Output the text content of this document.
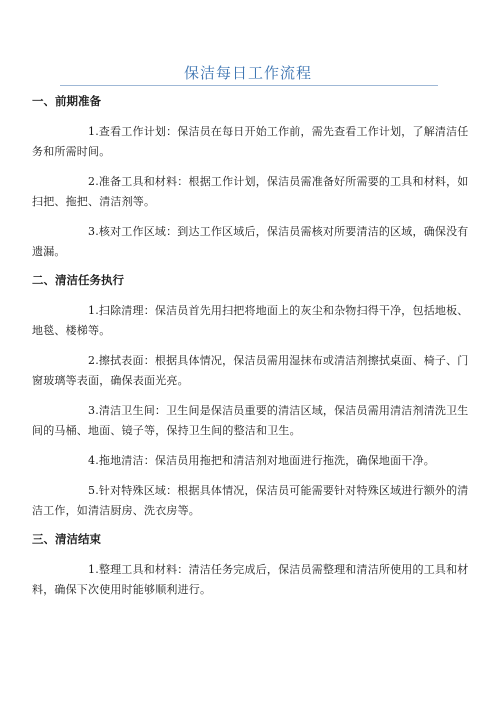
保洁每日工作流程

一、前期准备

1.查看工作计划：保洁员在每日开始工作前，需先查看工作计划，了解清洁任务和所需时间。

2.准备工具和材料：根据工作计划，保洁员需准备好所需要的工具和材料，如扫把、拖把、清洁剂等。

3.核对工作区域：到达工作区域后，保洁员需核对所要清洁的区域，确保没有遗漏。

二、清洁任务执行

1.扫除清理：保洁员首先用扫把将地面上的灰尘和杂物扫得干净，包括地板、地毯、楼梯等。

2.擦拭表面：根据具体情况，保洁员需用湿抹布或清洁剂擦拭桌面、椅子、门窗玻璃等表面，确保表面光亮。

3.清洁卫生间：卫生间是保洁员重要的清洁区域，保洁员需用清洁剂清洗卫生间的马桶、地面、镜子等，保持卫生间的整洁和卫生。

4.拖地清洁：保洁员用拖把和清洁剂对地面进行拖洗，确保地面干净。

5.针对特殊区域：根据具体情况，保洁员可能需要针对特殊区域进行额外的清洁工作，如清洁厨房、洗衣房等。

三、清洁结束

1.整理工具和材料：清洁任务完成后，保洁员需整理和清洁所使用的工具和材料，确保下次使用时能够顺利进行。
